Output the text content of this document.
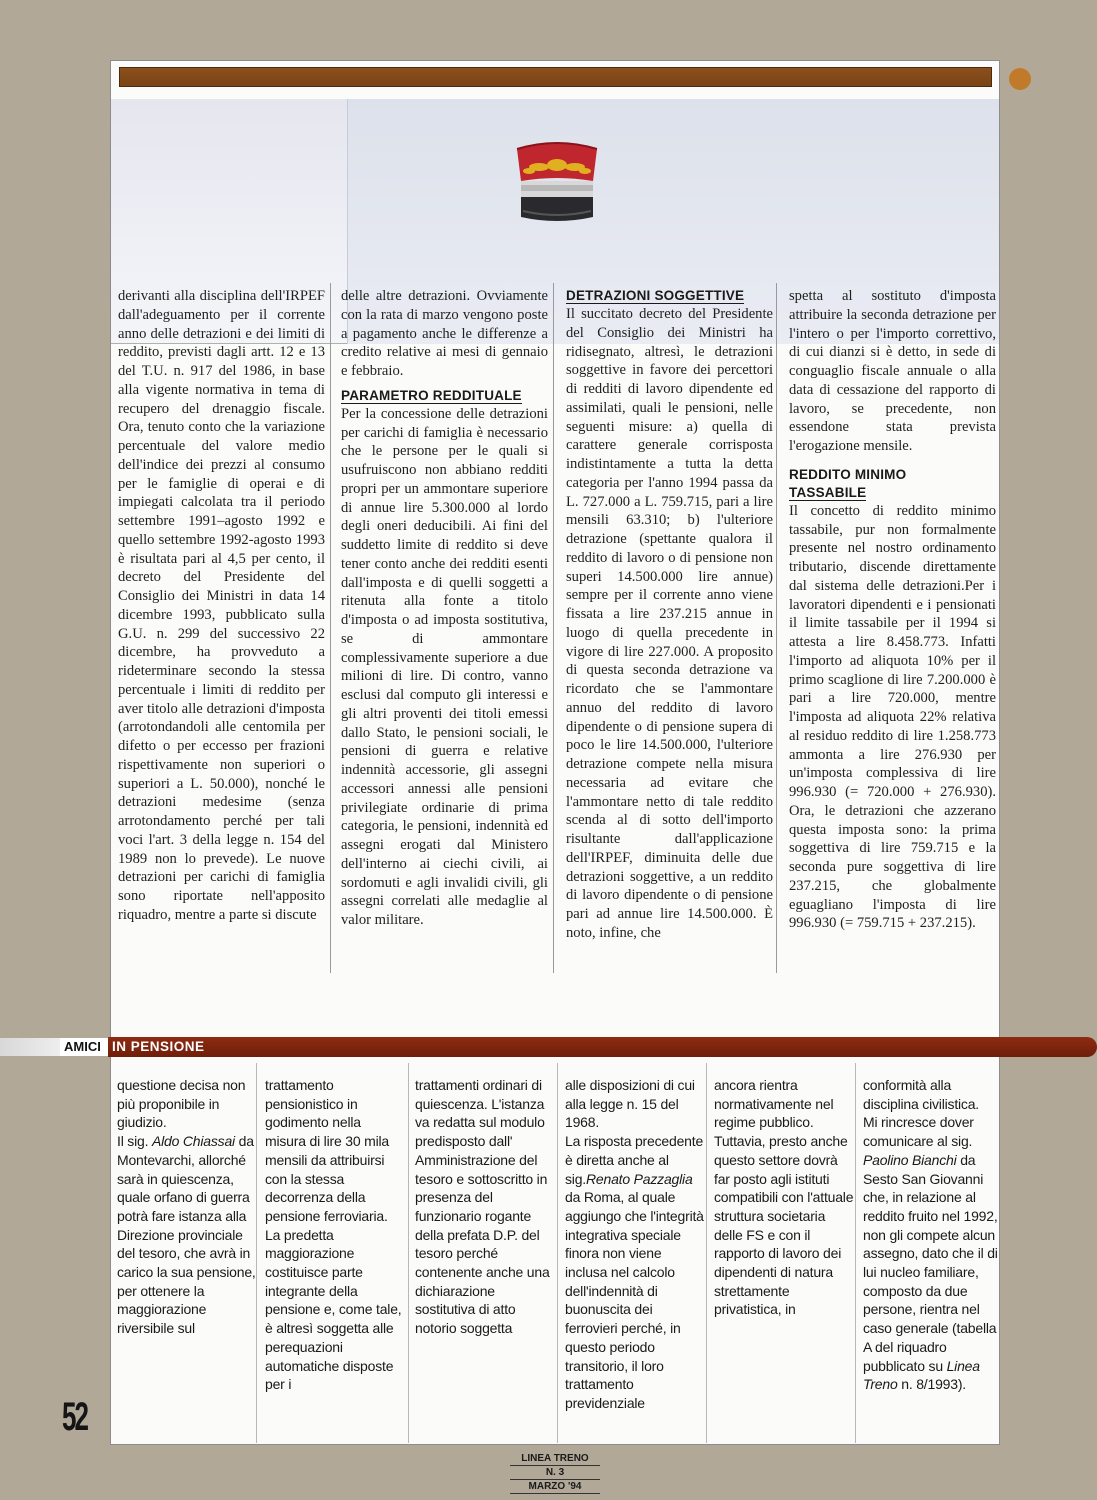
derivanti alla disciplina dell'IRPEF dall'adeguamento per il corrente anno delle detrazioni e dei limiti di reddito, previsti dagli artt. 12 e 13 del T.U. n. 917 del 1986, in base alla vigente normativa in tema di recupero del drenaggio fiscale. Ora, tenuto conto che la variazione percentuale del valore medio dell'indice dei prezzi al consumo per le famiglie di operai e di impiegati calcolata tra il periodo settembre 1991–agosto 1992 e quello settembre 1992-agosto 1993 è risultata pari al 4,5 per cento, il decreto del Presidente del Consiglio dei Ministri in data 14 dicembre 1993, pubblicato sulla G.U. n. 299 del successivo 22 dicembre, ha provveduto a rideterminare secondo la stessa percentuale i limiti di reddito per aver titolo alle detrazioni d'imposta (arrotondandoli alle centomila per difetto o per eccesso per frazioni rispettivamente non superiori o superiori a L. 50.000), nonché le detrazioni medesime (senza arrotondamento perché per tali voci l'art. 3 della legge n. 154 del 1989 non lo prevede). Le nuove detrazioni per carichi di famiglia sono riportate nell'apposito riquadro, mentre a parte si discute

delle altre detrazioni. Ovviamente con la rata di marzo vengono poste a pagamento anche le differenze a credito relative ai mesi di gennaio e febbraio.

PARAMETRO REDDITUALE

Per la concessione delle detrazioni per carichi di famiglia è necessario che le persone per le quali si usufruiscono non abbiano redditi propri per un ammontare superiore di annue lire 5.300.000 al lordo degli oneri deducibili. Ai fini del suddetto limite di reddito si deve tener conto anche dei redditi esenti dall'imposta e di quelli soggetti a ritenuta alla fonte a titolo d'imposta o ad imposta sostitutiva, se di ammontare complessivamente superiore a due milioni di lire. Di contro, vanno esclusi dal computo gli interessi e gli altri proventi dei titoli emessi dallo Stato, le pensioni sociali, le pensioni di guerra e relative indennità accessorie, gli assegni accessori annessi alle pensioni privilegiate ordinarie di prima categoria, le pensioni, indennità ed assegni erogati dal Ministero dell'interno ai ciechi civili, ai sordomuti e agli invalidi civili, gli assegni correlati alle medaglie al valor militare.

DETRAZIONI SOGGETTIVE

Il succitato decreto del Presidente del Consiglio dei Ministri ha ridisegnato, altresì, le detrazioni soggettive in favore dei percettori di redditi di lavoro dipendente ed assimilati, quali le pensioni, nelle seguenti misure: a) quella di carattere generale corrisposta indistintamente a tutta la detta categoria per l'anno 1994 passa da L. 727.000 a L. 759.715, pari a lire mensili 63.310; b) l'ulteriore detrazione (spettante qualora il reddito di lavoro o di pensione non superi 14.500.000 lire annue) sempre per il corrente anno viene fissata a lire 237.215 annue in luogo di quella precedente in vigore di lire 227.000. A proposito di questa seconda detrazione va ricordato che se l'ammontare annuo del reddito di lavoro dipendente o di pensione supera di poco le lire 14.500.000, l'ulteriore detrazione compete nella misura necessaria ad evitare che l'ammontare netto di tale reddito scenda al di sotto dell'importo risultante dall'applicazione dell'IRPEF, diminuita delle due detrazioni soggettive, a un reddito di lavoro dipendente o di pensione pari ad annue lire 14.500.000. È noto, infine, che

spetta al sostituto d'imposta attribuire la seconda detrazione per l'intero o per l'importo correttivo, di cui dianzi si è detto, in sede di conguaglio fiscale annuale o alla data di cessazione del rapporto di lavoro, se precedente, non essendone stata prevista l'erogazione mensile.

REDDITO MINIMO
TASSABILE

Il concetto di reddito minimo tassabile, pur non formalmente presente nel nostro ordinamento tributario, discende direttamente dal sistema delle detrazioni.Per i lavoratori dipendenti e i pensionati il limite tassabile per il 1994 si attesta a lire 8.458.773. Infatti l'importo ad aliquota 10% per il primo scaglione di lire 7.200.000 è pari a lire 720.000, mentre l'imposta ad aliquota 22% relativa al residuo reddito di lire 1.258.773 ammonta a lire 276.930 per un'imposta complessiva di lire 996.930 (= 720.000 + 276.930). Ora, le detrazioni che azzerano questa imposta sono: la prima soggettiva di lire 759.715 e la seconda pure soggettiva di lire 237.215, che globalmente eguagliano l'imposta di lire 996.930 (= 759.715 + 237.215).

AMICI IN PENSIONE

questione decisa non più proponibile in giudizio.

Il sig. Aldo Chiassai da Montevarchi, allorché sarà in quiescenza, quale orfano di guerra potrà fare istanza alla Direzione provinciale del tesoro, che avrà in carico la sua pensione, per ottenere la maggiorazione riversibile sul

trattamento pensionistico in godimento nella misura di lire 30 mila mensili da attribuirsi con la stessa decorrenza della pensione ferroviaria. La predetta maggiorazione costituisce parte integrante della pensione e, come tale, è altresì soggetta alle perequazioni automatiche disposte per i

trattamenti ordinari di quiescenza. L'istanza va redatta sul modulo predisposto dall' Amministrazione del tesoro e sottoscritto in presenza del funzionario rogante della prefata D.P. del tesoro perché contenente anche una dichiarazione sostitutiva di atto notorio soggetta

alle disposizioni di cui alla legge n. 15 del 1968.

La risposta precedente è diretta anche al sig.Renato Pazzaglia da Roma, al quale aggiungo che l'integrità integrativa speciale finora non viene inclusa nel calcolo dell'indennità di buonuscita dei ferrovieri perché, in questo periodo transitorio, il loro trattamento previdenziale

ancora rientra normativamente nel regime pubblico. Tuttavia, presto anche questo settore dovrà far posto agli istituti compatibili con l'attuale struttura societaria delle FS e con il rapporto di lavoro dei dipendenti di natura strettamente privatistica, in

conformità alla disciplina civilistica.

Mi rincresce dover comunicare al sig. Paolino Bianchi da Sesto San Giovanni che, in relazione al reddito fruito nel 1992, non gli compete alcun assegno, dato che il di lui nucleo familiare, composto da due persone, rientra nel caso generale (tabella A del riquadro pubblicato su Linea Treno n. 8/1993).

52
LINEA TRENO
N. 3
MARZO '94
